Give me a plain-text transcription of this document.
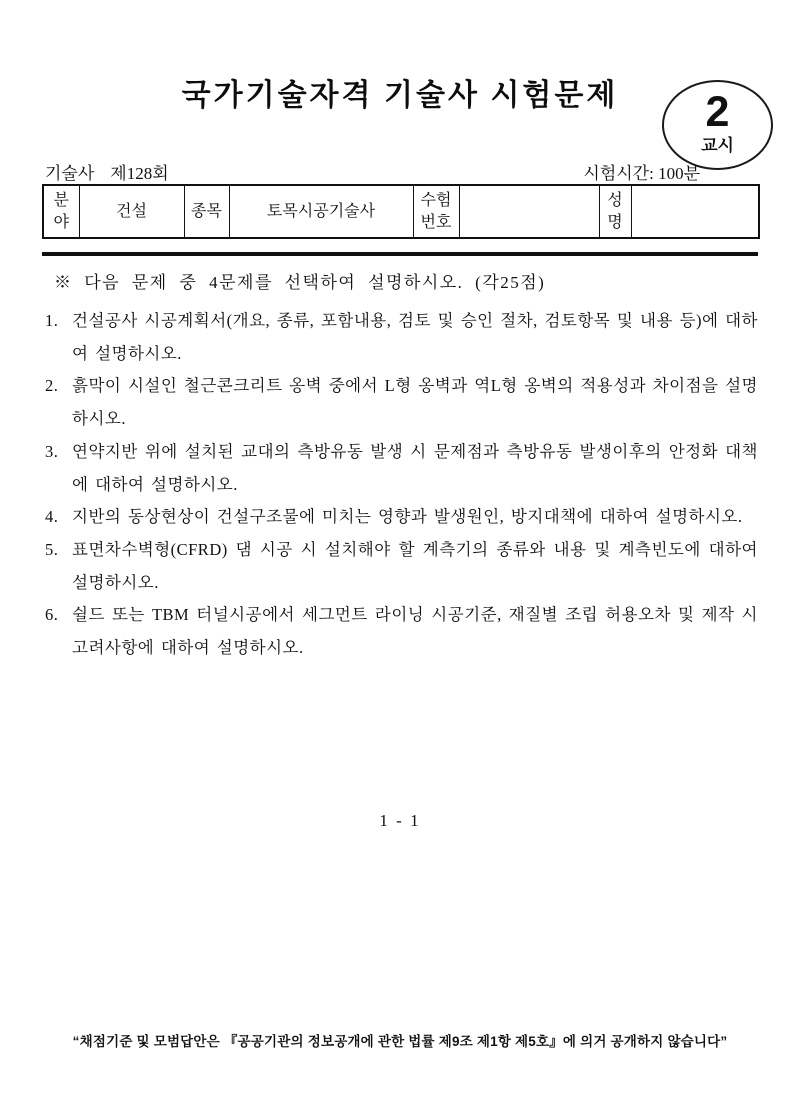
국가기술자격 기술사 시험문제	2
교시
기술사 제128회	시험시간: 100분
분야	건설	종목	토목시공기술사	수험번호		성명	
※ 다음 문제 중 4문제를 선택하여 설명하시오. (각25점)
1. 건설공사 시공계획서(개요, 종류, 포함내용, 검토 및 승인 절차, 검토항목 및 내용 등)에 대하여 설명하시오.
2. 흙막이 시설인 철근콘크리트 옹벽 중에서 L형 옹벽과 역L형 옹벽의 적용성과 차이점을 설명하시오.
3. 연약지반 위에 설치된 교대의 측방유동 발생 시 문제점과 측방유동 발생이후의 안정화 대책에 대하여 설명하시오.
4. 지반의 동상현상이 건설구조물에 미치는 영향과 발생원인, 방지대책에 대하여 설명하시오.
5. 표면차수벽형(CFRD) 댐 시공 시 설치해야 할 계측기의 종류와 내용 및 계측빈도에 대하여 설명하시오.
6. 쉴드 또는 TBM 터널시공에서 세그먼트 라이닝 시공기준, 재질별 조립 허용오차 및 제작 시 고려사항에 대하여 설명하시오.
1 - 1
“채점기준 및 모범답안은 『공공기관의 정보공개에 관한 법률 제9조 제1항 제5호』에 의거 공개하지 않습니다”
